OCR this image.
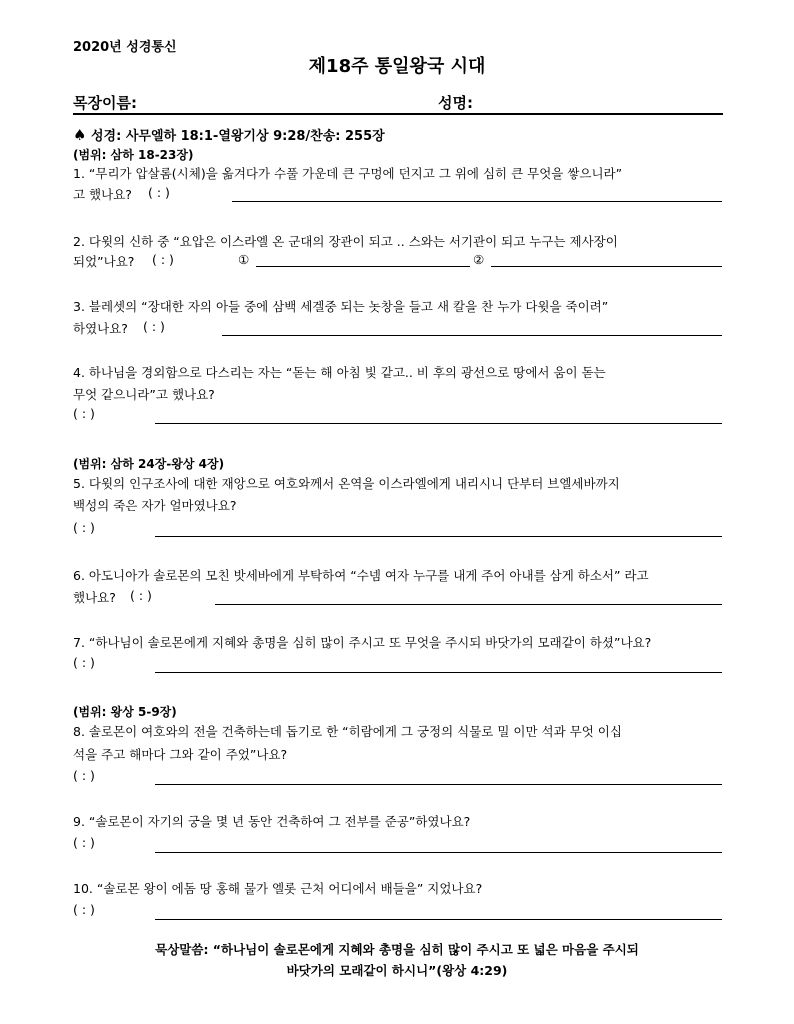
2020년 성경통신
제18주 통일왕국 시대
목장이름:	성명:
♠ 성경: 사무엘하 18:1-열왕기상 9:28/찬송: 255장
(범위: 삼하 18-23장)
1. “무리가 압살롬(시체)을 옮겨다가 수풀 가운데 큰 구멍에 던지고 그 위에 심히 큰 무엇을 쌓으니라”
고 했나요? ( : )
2. 다윗의 신하 중 “요압은 이스라엘 온 군대의 장관이 되고 .. 스와는 서기관이 되고 누구는 제사장이
되었”나요? ( : )	①	②
3. 블레셋의 “장대한 자의 아들 중에 삼백 세겔중 되는 놋창을 들고 새 칼을 찬 누가 다윗을 죽이려”
하였나요? ( : )
4. 하나님을 경외함으로 다스리는 자는 “돋는 해 아침 빛 같고.. 비 후의 광선으로 땅에서 움이 돋는
무엇 같으니라”고 했나요?
( : )
(범위: 삼하 24장-왕상 4장)
5. 다윗의 인구조사에 대한 재앙으로 여호와께서 온역을 이스라엘에게 내리시니 단부터 브엘세바까지
백성의 죽은 자가 얼마였나요?
( : )
6. 아도니아가 솔로몬의 모친 밧세바에게 부탁하여 “수넴 여자 누구를 내게 주어 아내를 삼게 하소서” 라고
했나요? ( : )
7. “하나님이 솔로몬에게 지혜와 총명을 심히 많이 주시고 또 무엇을 주시되 바닷가의 모래같이 하셨”나요?
( : )
(범위: 왕상 5-9장)
8. 솔로몬이 여호와의 전을 건축하는데 돕기로 한 “히람에게 그 궁정의 식물로 밀 이만 석과 무엇 이십
석을 주고 해마다 그와 같이 주었”나요?
( : )
9. “솔로몬이 자기의 궁을 몇 년 동안 건축하여 그 전부를 준공”하였나요?
( : )
10. “솔로몬 왕이 에돔 땅 홍해 물가 엘롯 근처 어디에서 배들을” 지었나요?
( : )
묵상말씀: “하나님이 솔로몬에게 지혜와 총명을 심히 많이 주시고 또 넓은 마음을 주시되
바닷가의 모래같이 하시니”(왕상 4:29)
